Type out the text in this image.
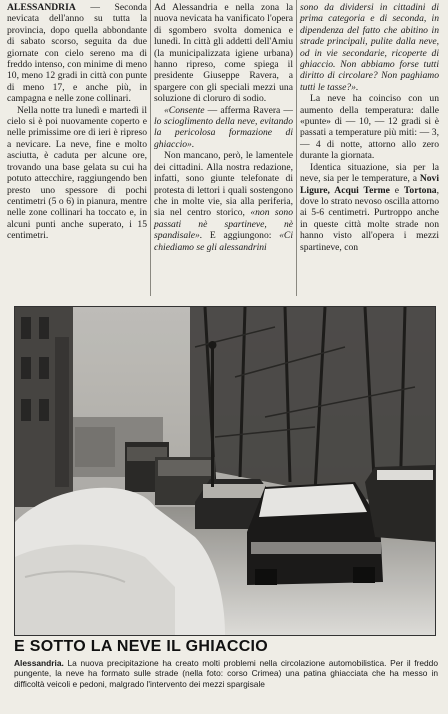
ALESSANDRIA — Seconda nevicata dell'anno su tutta la provincia, dopo quella abbondante di sabato scorso, seguita da due giornate con cielo sereno ma di freddo intenso, con minime di meno 10, meno 12 gradi in città con punte di meno 17, e anche più, in campagna e nelle zone collinari.

Nella notte tra lunedì e martedì il cielo si è poi nuovamente coperto e nelle primissime ore di ieri è ripreso a nevicare. La neve, fine e molto asciutta, è caduta per alcune ore, trovando una base gelata su cui ha potuto attecchire, raggiungendo ben presto uno spessore di pochi centimetri (5 o 6) in pianura, mentre nelle zone collinari ha toccato e, in alcuni punti anche superato, i 15 centimetri.

Ad Alessandria e nella zona la nuova nevicata ha vanificato l'opera di sgombero svolta domenica e lunedì. In città gli addetti dell'Amiu (la municipalizzata igiene urbana) hanno ripreso, come spiega il presidente Giuseppe Ravera, a spargere con gli speciali mezzi una soluzione di cloruro di sodio.

«Consente — afferma Ravera — lo scioglimento della neve, evitando la pericolosa formazione di ghiaccio».

Non mancano, però, le lamentele dei cittadini. Alla nostra redazione, infatti, sono giunte telefonate di protesta di lettori i quali sostengono che in molte vie, sia alla periferia, sia nel centro storico, «non sono passati nè spartineve, nè spandisale». E aggiungono: «Ci chiediamo se gli alessandrini

sono da dividersi in cittadini di prima categoria e di seconda, in dipendenza del fatto che abitino in strade principali, pulite dalla neve, od in vie secondarie, ricoperte di ghiaccio. Non abbiamo forse tutti diritto di circolare? Non paghiamo tutti le tasse?».

La neve ha coinciso con un aumento della temperatura: dalle «punte» di — 10, — 12 gradi si è passati a temperature più miti: — 3, — 4 di notte, attorno allo zero durante la giornata.

Identica situazione, sia per la neve, sia per le temperature, a Novi Ligure, Acqui Terme e Tortona, dove lo strato nevoso oscilla attorno ai 5-6 centimetri. Purtroppo anche in queste città molte strade non hanno visto all'opera i mezzi spartineve, con

E SOTTO LA NEVE IL GHIACCIO
Alessandria. La nuova precipitazione ha creato molti problemi nella circolazione automobilistica. Per il freddo pungente, la neve ha formato sulle strade (nella foto: corso Crimea) una patina ghiacciata che ha messo in difficoltà veicoli e pedoni, malgrado l'intervento dei mezzi spargisale
